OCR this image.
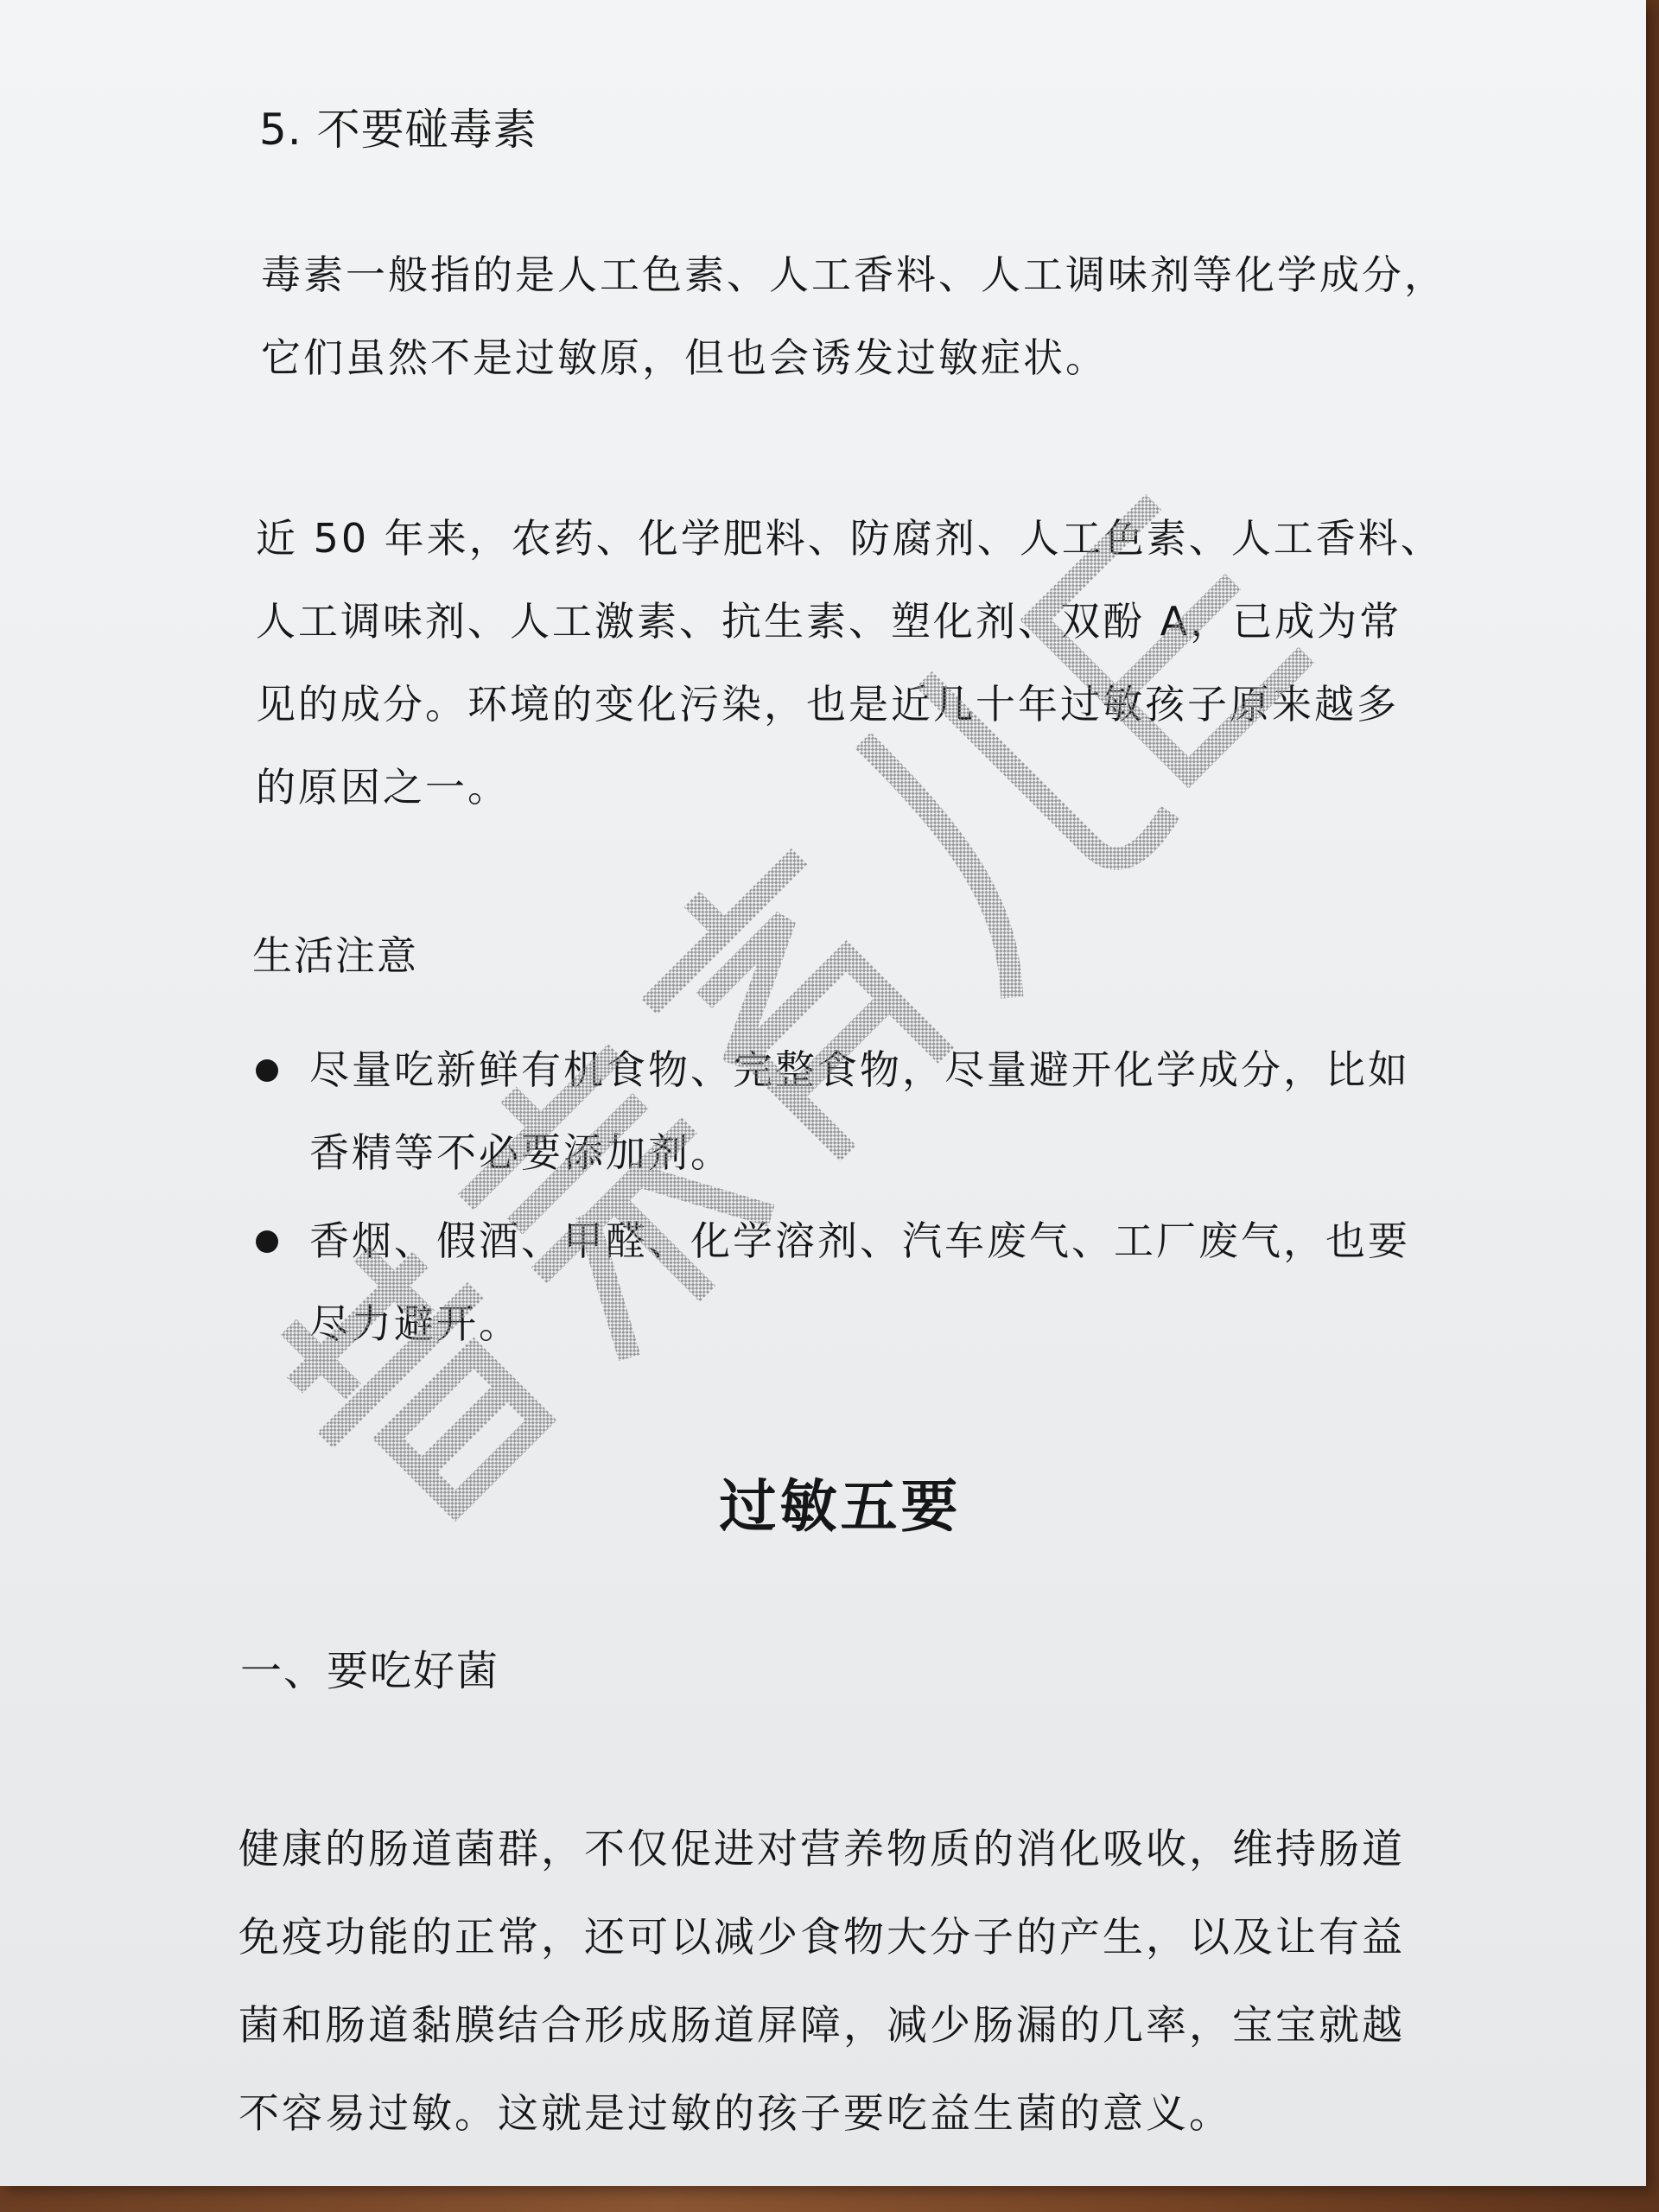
5. 不要碰毒素
毒素一般指的是人工色素、人工香料、人工调味剂等化学成分，
它们虽然不是过敏原，但也会诱发过敏症状。
近 50 年来，农药、化学肥料、防腐剂、人工色素、人工香料、
人工调味剂、人工激素、抗生素、塑化剂、双酚 A，已成为常
见的成分。环境的变化污染，也是近几十年过敏孩子原来越多
的原因之一。
生活注意
尽量吃新鲜有机食物、完整食物，尽量避开化学成分，比如
香精等不必要添加剂。
香烟、假酒、甲醛、化学溶剂、汽车废气、工厂废气，也要
尽力避开。
过敏五要
一、要吃好菌
健康的肠道菌群，不仅促进对营养物质的消化吸收，维持肠道
免疫功能的正常，还可以减少食物大分子的产生，以及让有益
菌和肠道黏膜结合形成肠道屏障，减少肠漏的几率，宝宝就越
不容易过敏。这就是过敏的孩子要吃益生菌的意义。
